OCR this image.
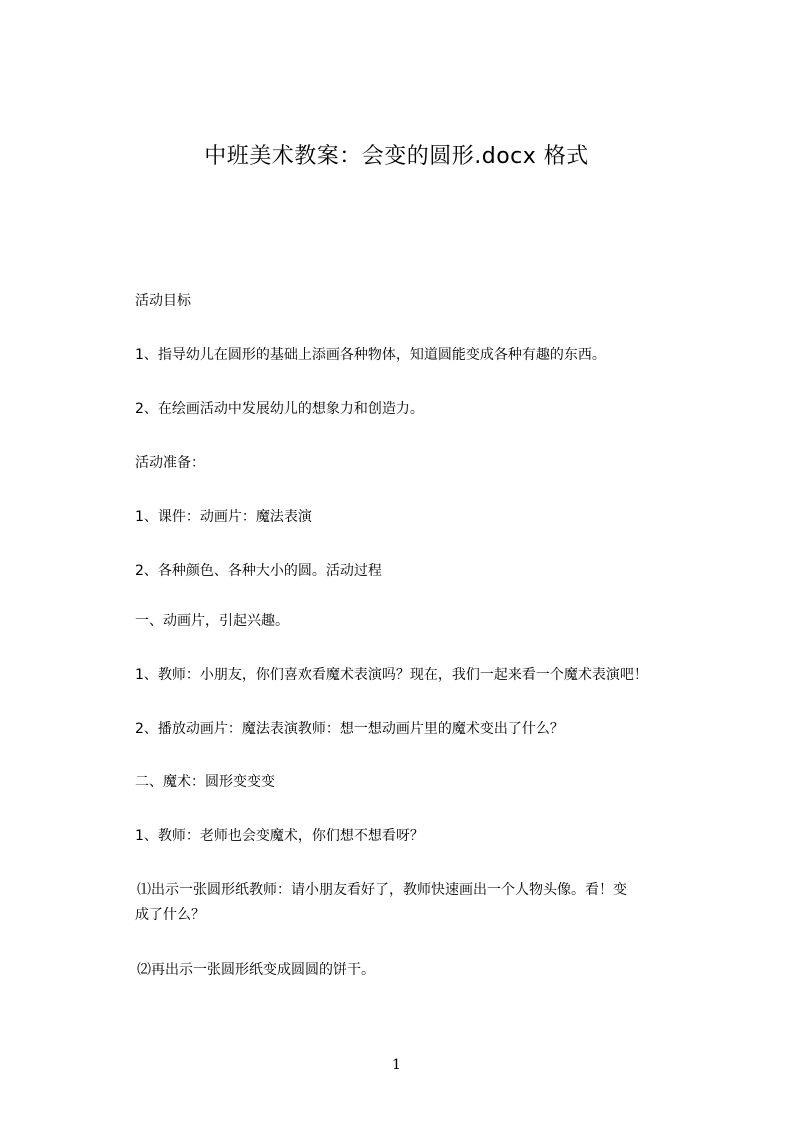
中班美术教案：会变的圆形.docx 格式
活动目标
1、指导幼儿在圆形的基础上添画各种物体，知道圆能变成各种有趣的东西。
2、在绘画活动中发展幼儿的想象力和创造力。
活动准备：
1、课件：动画片：魔法表演
2、各种颜色、各种大小的圆。活动过程
一、动画片，引起兴趣。
1、教师：小朋友，你们喜欢看魔术表演吗？现在，我们一起来看一个魔术表演吧！
2、播放动画片：魔法表演教师：想一想动画片里的魔术变出了什么？
二、魔术：圆形变变变
1、教师：老师也会变魔术，你们想不想看呀？
⑴出示一张圆形纸教师：请小朋友看好了，教师快速画出一个人物头像。看！变
成了什么？
⑵再出示一张圆形纸变成圆圆的饼干。
1
